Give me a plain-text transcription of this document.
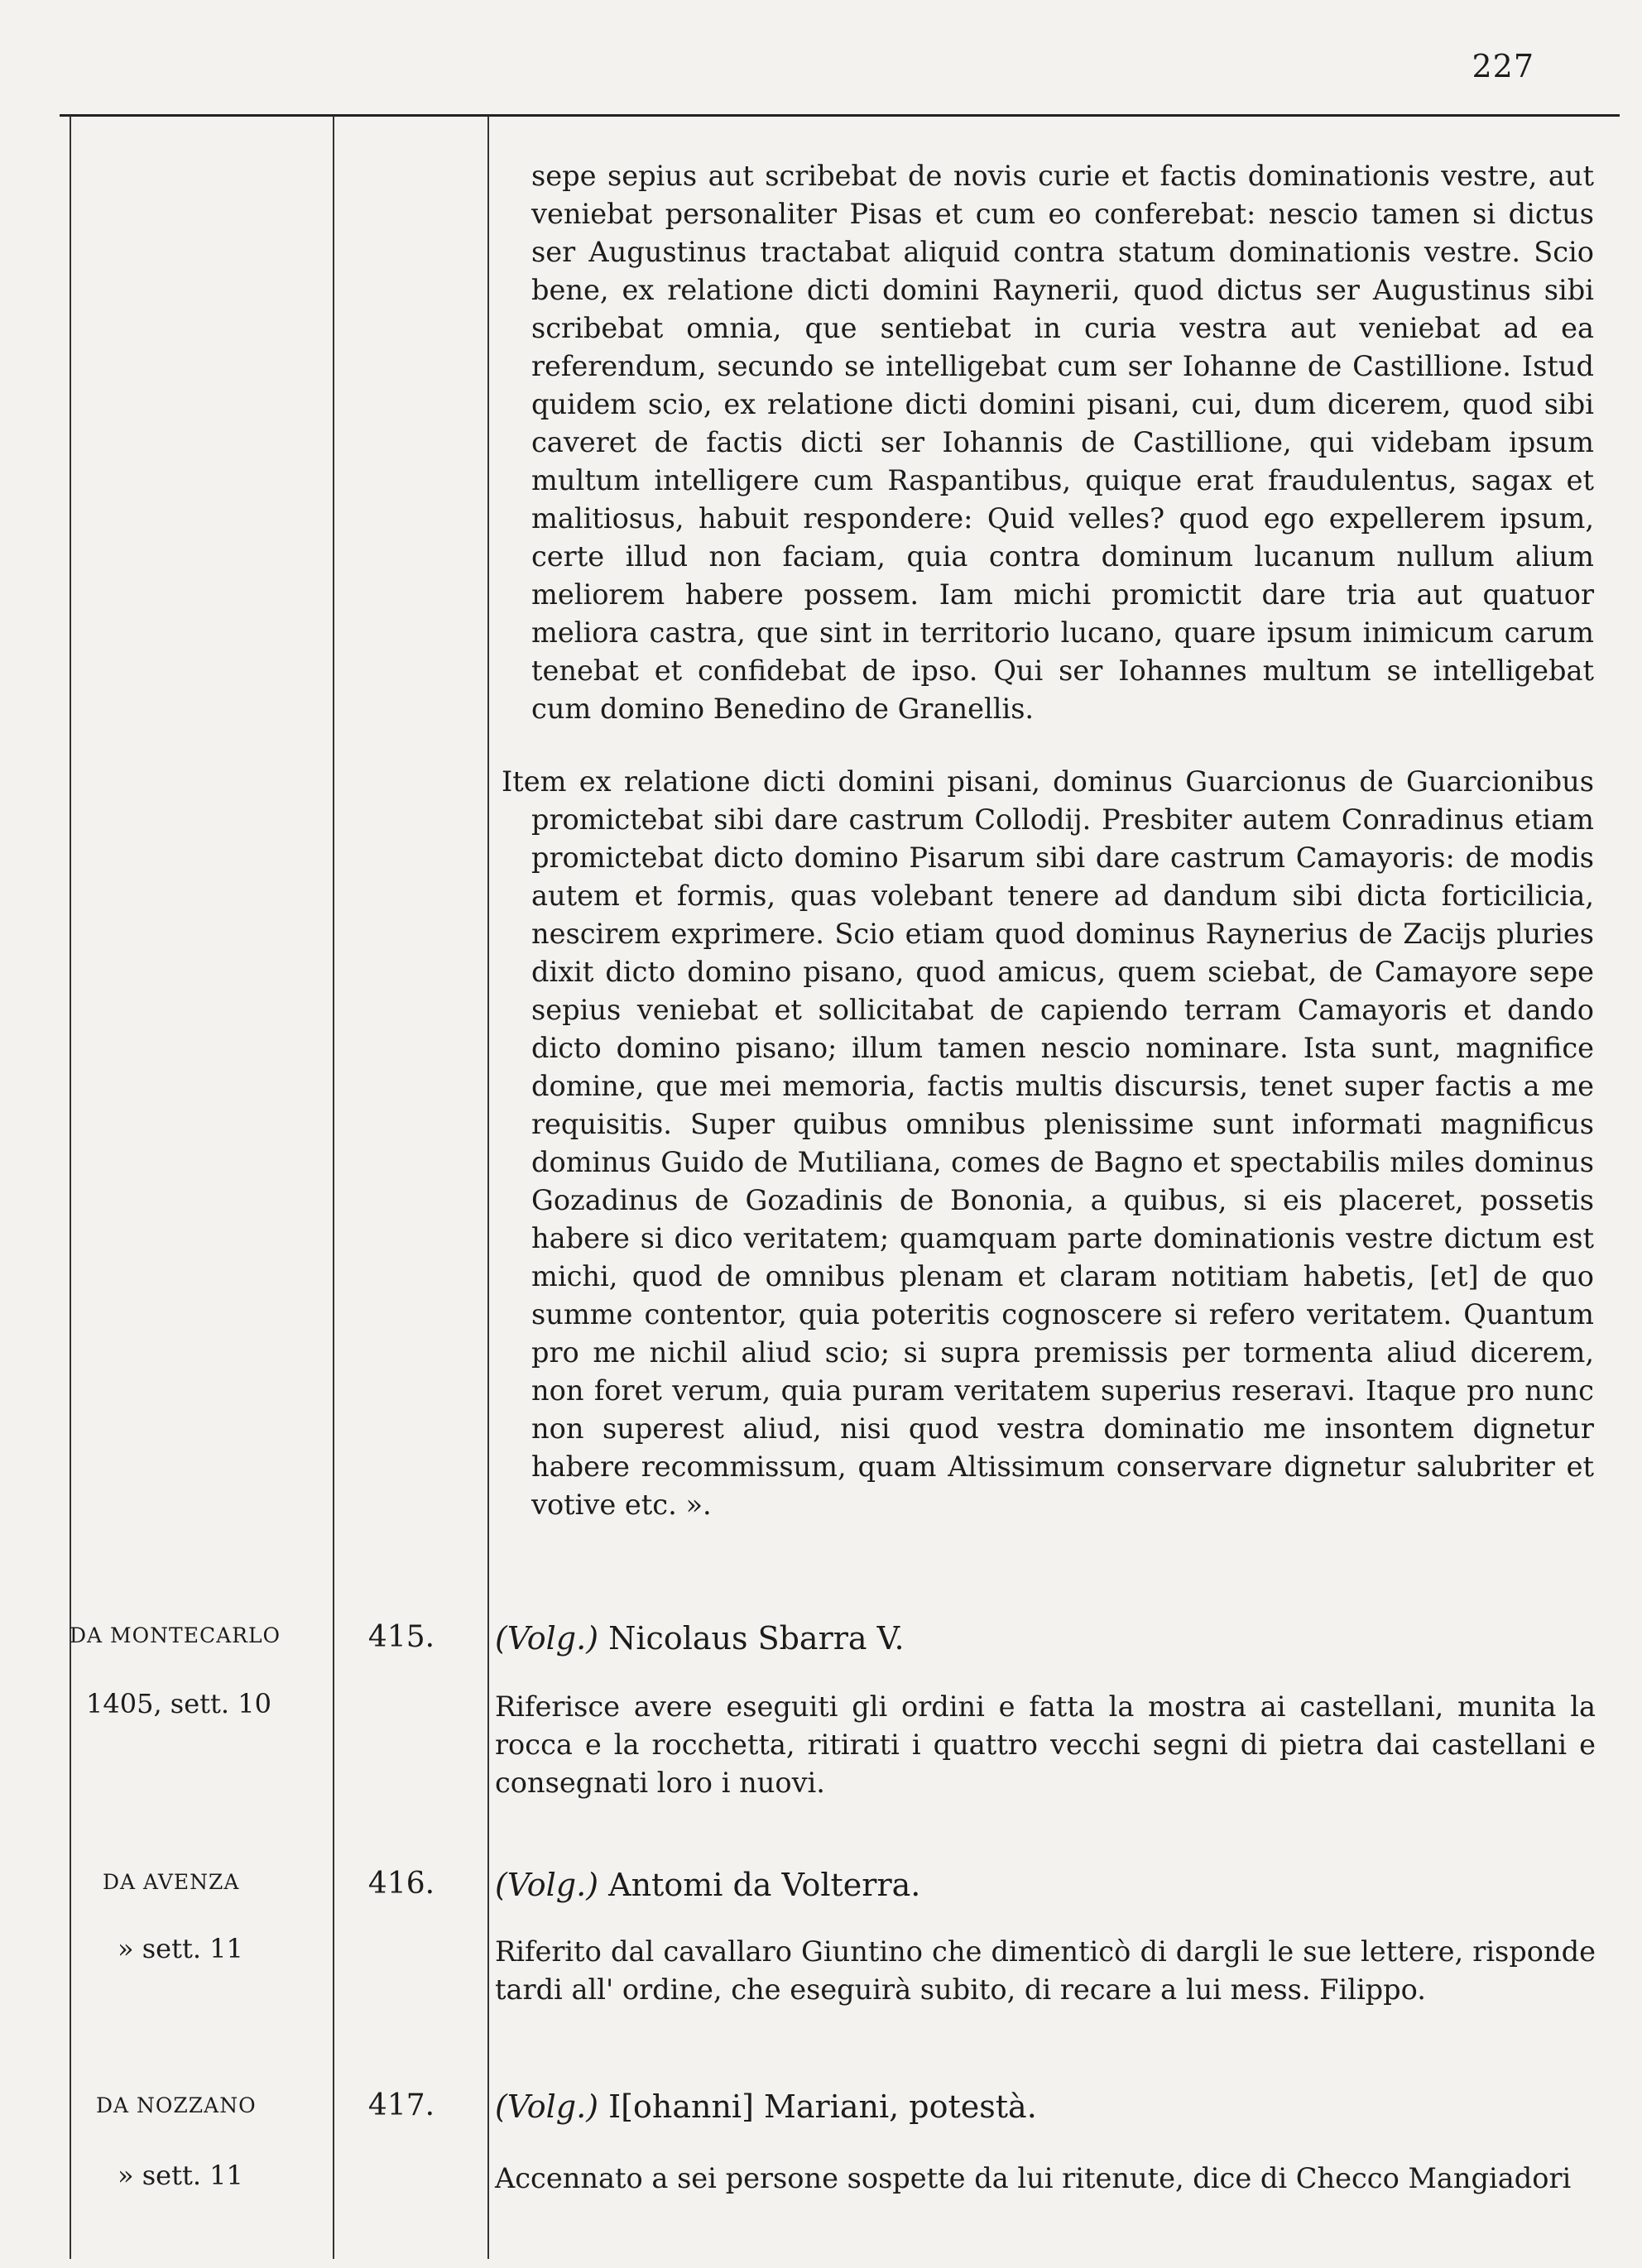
227
sepe sepius aut scribebat de novis curie et factis dominationis vestre, aut veniebat personaliter Pisas et cum eo conferebat: nescio tamen si dictus ser Augustinus tractabat aliquid contra statum dominationis vestre. Scio bene, ex relatione dicti domini Raynerii, quod dictus ser Augustinus sibi scribebat omnia, que sentiebat in curia vestra aut veniebat ad ea referendum, secundo se intelligebat cum ser Iohanne de Castillione. Istud quidem scio, ex relatione dicti domini pisani, cui, dum dicerem, quod sibi caveret de factis dicti ser Iohannis de Castillione, qui videbam ipsum multum intelligere cum Raspantibus, quique erat fraudulentus, sagax et malitiosus, habuit respondere: Quid velles? quod ego expellerem ipsum, certe illud non faciam, quia contra dominum lucanum nullum alium meliorem habere possem. Iam michi promictit dare tria aut quatuor meliora castra, que sint in territorio lucano, quare ipsum inimicum carum tenebat et confidebat de ipso. Qui ser Iohannes multum se intelligebat cum domino Benedino de Granellis.
Item ex relatione dicti domini pisani, dominus Guarcionus de Guarcionibus promictebat sibi dare castrum Collodij. Presbiter autem Conradinus etiam promictebat dicto domino Pisarum sibi dare castrum Camayoris: de modis autem et formis, quas volebant tenere ad dandum sibi dicta forticilicia, nescirem exprimere. Scio etiam quod dominus Raynerius de Zacijs pluries dixit dicto domino pisano, quod amicus, quem sciebat, de Camayore sepe sepius veniebat et sollicitabat de capiendo terram Camayoris et dando dicto domino pisano; illum tamen nescio nominare. Ista sunt, magnifice domine, que mei memoria, factis multis discursis, tenet super factis a me requisitis. Super quibus omnibus plenissime sunt informati magnificus dominus Guido de Mutiliana, comes de Bagno et spectabilis miles dominus Gozadinus de Gozadinis de Bononia, a quibus, si eis placeret, possetis habere si dico veritatem; quamquam parte dominationis vestre dictum est michi, quod de omnibus plenam et claram notitiam habetis, [et] de quo summe contentor, quia poteritis cognoscere si refero veritatem. Quantum pro me nichil aliud scio; si supra premissis per tormenta aliud dicerem, non foret verum, quia puram veritatem superius reseravi. Itaque pro nunc non superest aliud, nisi quod vestra dominatio me insontem dignetur habere recommissum, quam Altissimum conservare dignetur salubriter et votive etc. ».
DA MONTECARLO
1405, sett. 10
415.	(Volg.) Nicolaus Sbarra V.
Riferisce avere eseguiti gli ordini e fatta la mostra ai castellani, munita la rocca e la rocchetta, ritirati i quattro vecchi segni di pietra dai castellani e consegnati loro i nuovi.
DA AVENZA
» sett. 11
416.	(Volg.) Antomi da Volterra.
Riferito dal cavallaro Giuntino che dimenticò di dargli le sue lettere, risponde tardi all' ordine, che eseguirà subito, di recare a lui mess. Filippo.
DA NOZZANO
» sett. 11
417.	(Volg.) I[ohanni] Mariani, potestà.
Accennato a sei persone sospette da lui ritenute, dice di Checco Mangiadori
